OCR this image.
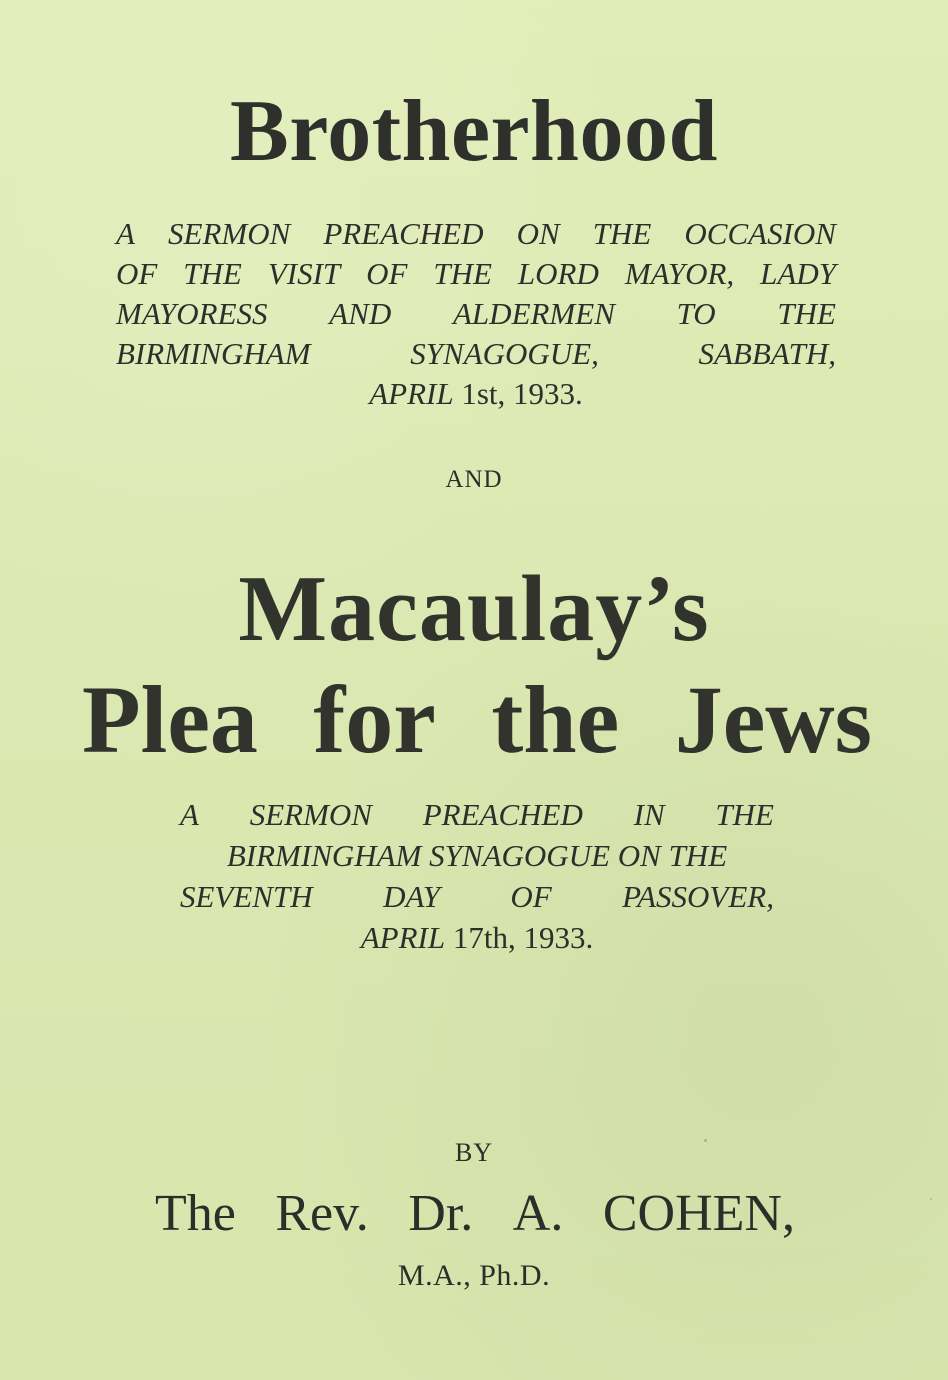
Brotherhood
A SERMON PREACHED ON THE OCCASION
OF THE VISIT OF THE LORD MAYOR, LADY
MAYORESS AND ALDERMEN TO THE
BIRMINGHAM	SYNAGOGUE,	SABBATH,
APRIL
1st, 1933.
AND
Macaulay’s
Plea for the Jews
A SERMON PREACHED IN THE
BIRMINGHAM SYNAGOGUE ON THE
SEVENTH DAY OF PASSOVER,
APRIL
17th, 1933.
BY
The Rev. Dr. A. COHEN,
M.A., Ph.D.
